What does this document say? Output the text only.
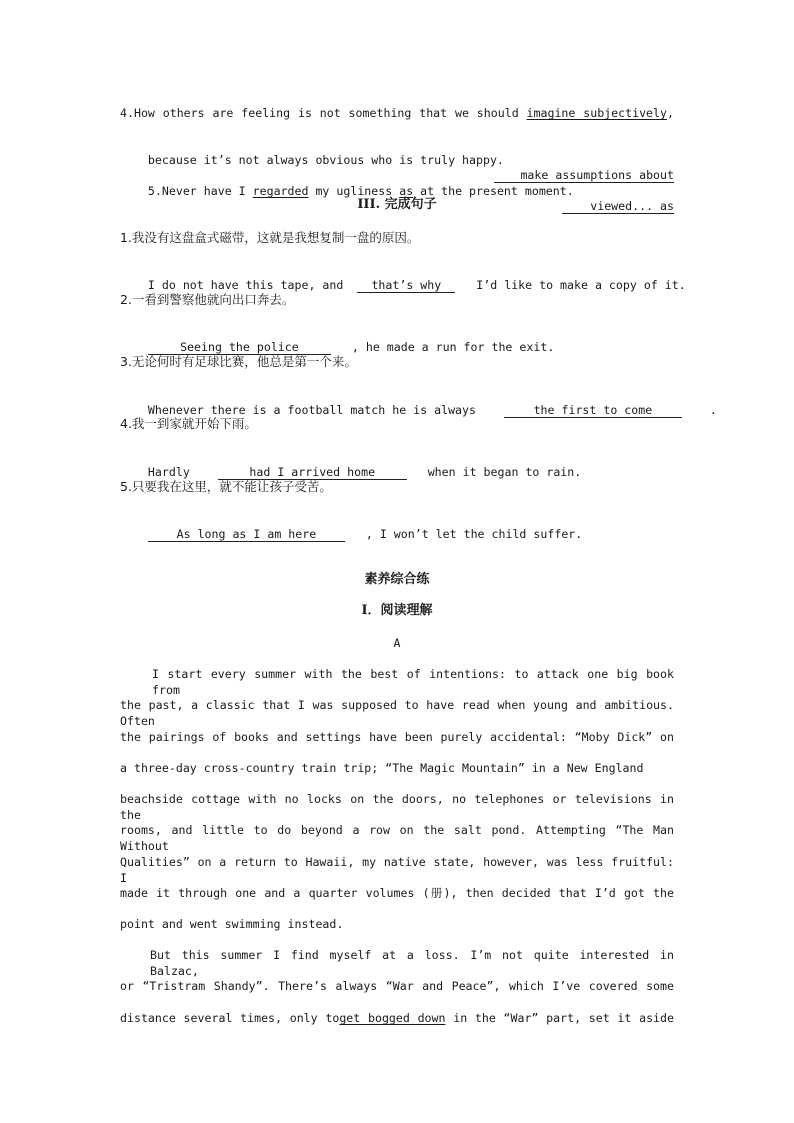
4.How others are feeling is not something that we should imagine subjectively,

because it’s not always obvious who is truly happy.

make assumptions about

5.Never have I regarded my ugliness as at the present moment.

viewed... as

III. 完成句子
1.我没有这盘盒式磁带，这就是我想复制一盘的原因。

I do not have this tape, and that’s why	I’d like to make a copy of it.

2.一看到警察他就向出口奔去。

Seeing the police	, he made a run for the exit.

3.无论何时有足球比赛，他总是第一个来。

Whenever there is a football match he is always	the first to come	.

4.我一到家就开始下雨。

Hardly	had I arrived home	when it began to rain.

5.只要我在这里，就不能让孩子受苦。

As long as I am here	, I won’t let the child suffer.

素养综合练
I．阅读理解
A
I start every summer with the best of intentions: to attack one big book from
the past, a classic that I was supposed to have read when young and ambitious. Often
the pairings of books and settings have been purely accidental: “Moby Dick” on
a three-day cross-country train trip; “The Magic Mountain” in a New England
beachside cottage with no locks on the doors, no telephones or televisions in the
rooms, and little to do beyond a row on the salt pond. Attempting “The Man Without
Qualities” on a return to Hawaii, my native state, however, was less fruitful: I
made it through one and a quarter volumes (册), then decided that I’d got the
point and went swimming instead.
But this summer I find myself at a loss. I’m not quite interested in Balzac,
or “Tristram Shandy”. There’s always “War and Peace”, which I’ve covered some
distance several times, only toget bogged down in the “War” part, set it aside
